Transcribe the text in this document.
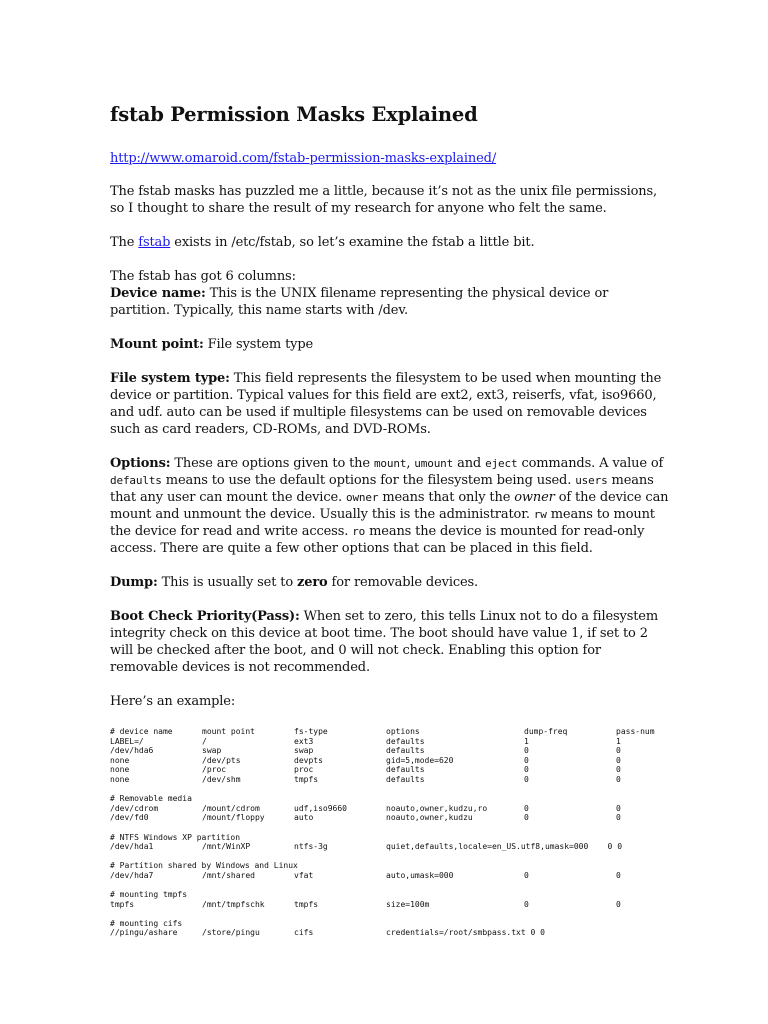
fstab Permission Masks Explained

http://www.omaroid.com/fstab-permission-masks-explained/

The fstab masks has puzzled me a little, because it’s not as the unix file permissions, so I thought to share the result of my research for anyone who felt the same.

The fstab exists in /etc/fstab, so let’s examine the fstab a little bit.

The fstab has got 6 columns:

Device name: This is the UNIX filename representing the physical device or partition. Typically, this name starts with /dev.

Mount point: File system type

File system type: This field represents the filesystem to be used when mounting the device or partition. Typical values for this field are ext2, ext3, reiserfs, vfat, iso9660, and udf. auto can be used if multiple filesystems can be used on removable devices such as card readers, CD-ROMs, and DVD-ROMs.

Options: These are options given to the mount, umount and eject commands. A value of defaults means to use the default options for the filesystem being used. users means that any user can mount the device. owner means that only the owner of the device can mount and unmount the device. Usually this is the administrator. rw means to mount the device for read and write access. ro means the device is mounted for read-only access. There are quite a few other options that can be placed in this field.

Dump: This is usually set to zero for removable devices.

Boot Check Priority(Pass): When set to zero, this tells Linux not to do a filesystem integrity check on this device at boot time. The boot should have value 1, if set to 2 will be checked after the boot, and 0 will not check. Enabling this option for removable devices is not recommended.

Here’s an example:

# device name	mount point	fs-type	options	dump-freq	pass-num
LABEL=/	/	ext3	defaults	1	1
/dev/hda6	swap	swap	defaults	0	0
none	/dev/pts	devpts	gid=5,mode=620	0	0
none	/proc	proc	defaults	0	0
none	/dev/shm	tmpfs	defaults	0	0
# Removable media
/dev/cdrom	/mount/cdrom	udf,iso9660	noauto,owner,kudzu,ro	0	0
/dev/fd0	/mount/floppy	auto	noauto,owner,kudzu	0	0
# NTFS Windows XP partition
/dev/hda1	/mnt/WinXP	ntfs-3g	quiet,defaults,locale=en_US.utf8,umask=000    0 0
# Partition shared by Windows and Linux
/dev/hda7	/mnt/shared	vfat	auto,umask=000	0	0
# mounting tmpfs
tmpfs	/mnt/tmpfschk	tmpfs	size=100m	0	0
# mounting cifs
//pingu/ashare	/store/pingu	cifs	credentials=/root/smbpass.txt 0 0
